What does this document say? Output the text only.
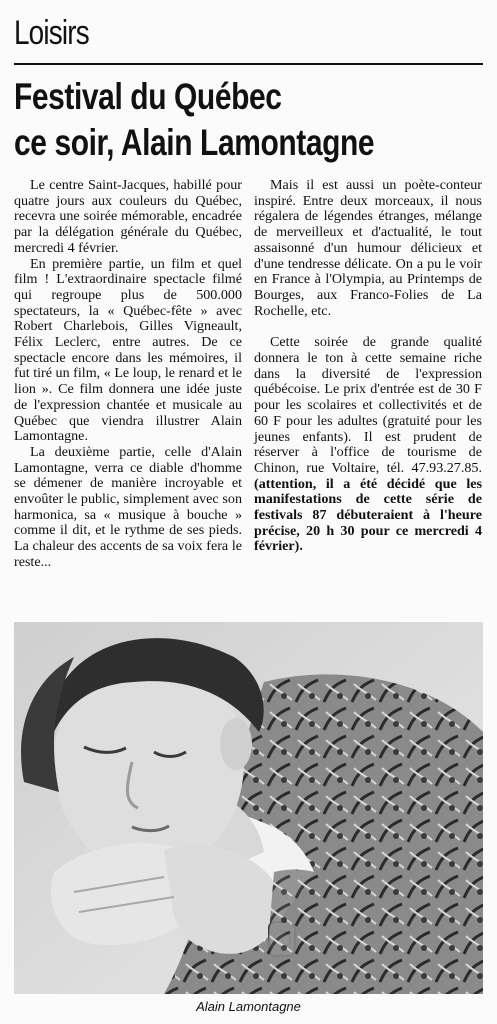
Loisirs
Festival du Québec
ce soir, Alain Lamontagne

Le centre Saint-Jacques, habillé pour quatre jours aux couleurs du Québec, recevra une soirée mémorable, encadrée par la délégation générale du Québec, mercredi 4 février.

En première partie, un film et quel film ! L'extraordinaire spectacle filmé qui regroupe plus de 500.000 spectateurs, la « Québec-fête » avec Robert Charlebois, Gilles Vigneault, Félix Leclerc, entre autres. De ce spectacle encore dans les mémoires, il fut tiré un film, « Le loup, le renard et le lion ». Ce film donnera une idée juste de l'expression chantée et musicale au Québec que viendra illustrer Alain Lamontagne.

La deuxième partie, celle d'Alain Lamontagne, verra ce diable d'homme se démener de manière incroyable et envoûter le public, simplement avec son harmonica, sa « musique à bouche » comme il dit, et le rythme de ses pieds. La chaleur des accents de sa voix fera le reste...

Mais il est aussi un poète-conteur inspiré. Entre deux morceaux, il nous régalera de légendes étranges, mélange de merveilleux et d'actualité, le tout assaisonné d'un humour délicieux et d'une tendresse délicate. On a pu le voir en France à l'Olympia, au Printemps de Bourges, aux Franco-Folies de La Rochelle, etc.

Cette soirée de grande qualité donnera le ton à cette semaine riche dans la diversité de l'expression québécoise. Le prix d'entrée est de 30 F pour les scolaires et collectivités et de 60 F pour les adultes (gratuité pour les jeunes enfants). Il est prudent de réserver à l'office de tourisme de Chinon, rue Voltaire, tél. 47.93.27.85. (attention, il a été décidé que les manifestations de cette série de festivals 87 débuteraient à l'heure précise, 20 h 30 pour ce mercredi 4 février).

Alain Lamontagne
